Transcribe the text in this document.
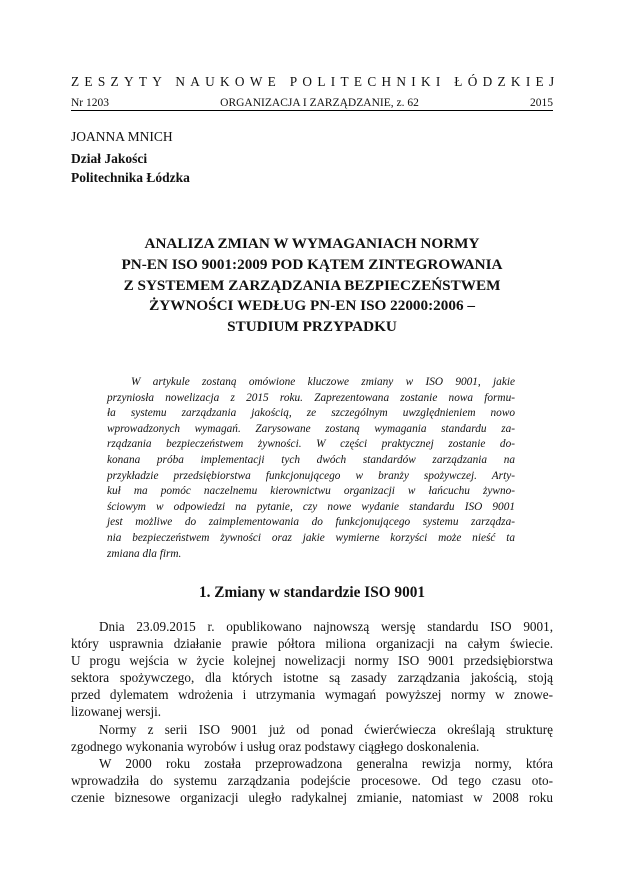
ZESZYTY NAUKOWE POLITECHNIKI ŁÓDZKIEJ
Nr 1203	ORGANIZACJA I ZARZĄDZANIE, z. 62	2015
JOANNA MNICH
Dział Jakości
Politechnika Łódzka
ANALIZA ZMIAN W WYMAGANIACH NORMY
PN-EN ISO 9001:2009 POD KĄTEM ZINTEGROWANIA
Z SYSTEMEM ZARZĄDZANIA BEZPIECZEŃSTWEM
ŻYWNOŚCI WEDŁUG PN-EN ISO 22000:2006 –
STUDIUM PRZYPADKU
W artykule zostaną omówione kluczowe zmiany w ISO 9001, jakie
przyniosła nowelizacja z 2015 roku. Zaprezentowana zostanie nowa formu-
ła systemu zarządzania jakością, ze szczególnym uwzględnieniem nowo
wprowadzonych wymagań. Zarysowane zostaną wymagania standardu za-
rządzania bezpieczeństwem żywności. W części praktycznej zostanie do-
konana próba implementacji tych dwóch standardów zarządzania na
przykładzie przedsiębiorstwa funkcjonującego w branży spożywczej. Arty-
kuł ma pomóc naczelnemu kierownictwu organizacji w łańcuchu żywno-
ściowym w odpowiedzi na pytanie, czy nowe wydanie standardu ISO 9001
jest możliwe do zaimplementowania do funkcjonującego systemu zarządza-
nia bezpieczeństwem żywności oraz jakie wymierne korzyści może nieść ta
zmiana dla firm.
1. Zmiany w standardzie ISO 9001
Dnia 23.09.2015 r. opublikowano najnowszą wersję standardu ISO 9001,
który usprawnia działanie prawie półtora miliona organizacji na całym świecie.
U progu wejścia w życie kolejnej nowelizacji normy ISO 9001 przedsiębiorstwa
sektora spożywczego, dla których istotne są zasady zarządzania jakością, stoją
przed dylematem wdrożenia i utrzymania wymagań powyższej normy w znowe-
lizowanej wersji.
Normy z serii ISO 9001 już od ponad ćwierćwiecza określają strukturę
zgodnego wykonania wyrobów i usług oraz podstawy ciągłego doskonalenia.
W 2000 roku została przeprowadzona generalna rewizja normy, która
wprowadziła do systemu zarządzania podejście procesowe. Od tego czasu oto-
czenie biznesowe organizacji uległo radykalnej zmianie, natomiast w 2008 roku
